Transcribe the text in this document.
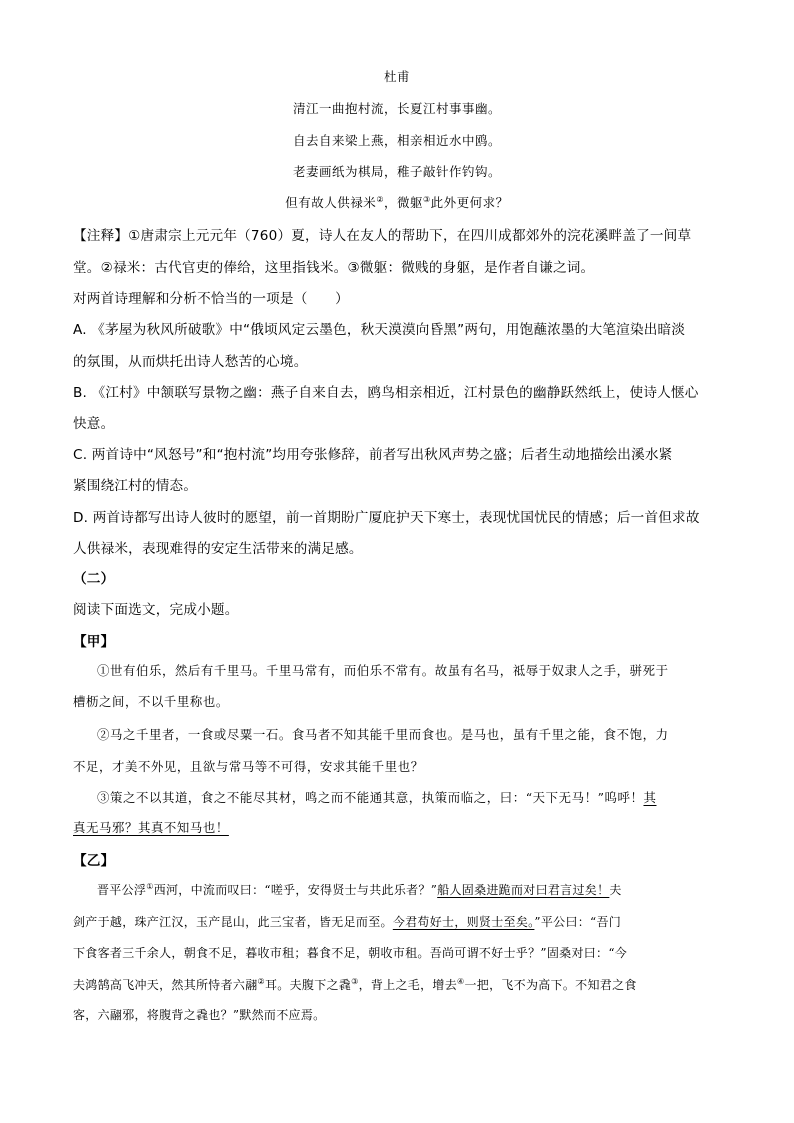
杜甫
清江一曲抱村流，长夏江村事事幽。
自去自来梁上燕，相亲相近水中鸥。
老妻画纸为棋局，稚子敲针作钓钩。
但有故人供禄米②，微躯③此外更何求？
【注释】①唐肃宗上元元年（760）夏，诗人在友人的帮助下，在四川成都郊外的浣花溪畔盖了一间草
堂。②禄米：古代官吏的俸给，这里指钱米。③微躯：微贱的身躯，是作者自谦之词。
对两首诗理解和分析不恰当的一项是（　　）
A. 《茅屋为秋风所破歌》中“俄顷风定云墨色，秋天漠漠向昏黑”两句，用饱蘸浓墨的大笔渲染出暗淡
的氛围，从而烘托出诗人愁苦的心境。
B. 《江村》中颔联写景物之幽：燕子自来自去，鸥鸟相亲相近，江村景色的幽静跃然纸上，使诗人惬心
快意。
C. 两首诗中“风怒号”和“抱村流”均用夸张修辞，前者写出秋风声势之盛；后者生动地描绘出溪水紧
紧围绕江村的情态。
D. 两首诗都写出诗人彼时的愿望，前一首期盼广厦庇护天下寒士，表现忧国忧民的情感；后一首但求故
人供禄米，表现难得的安定生活带来的满足感。
（二）
阅读下面选文，完成小题。
【甲】
①世有伯乐，然后有千里马。千里马常有，而伯乐不常有。故虽有名马，祗辱于奴隶人之手，骈死于
槽枥之间，不以千里称也。
②马之千里者，一食或尽粟一石。食马者不知其能千里而食也。是马也，虽有千里之能，食不饱，力
不足，才美不外见，且欲与常马等不可得，安求其能千里也？
③策之不以其道，食之不能尽其材，鸣之而不能通其意，执策而临之，曰：“天下无马！”呜呼！其
真无马邪？其真不知马也！
【乙】
晋平公浮①西河，中流而叹曰：“嗟乎，安得贤士与共此乐者？”船人固桑进跪而对曰君言过矣！夫
剑产于越，珠产江汉，玉产昆山，此三宝者，皆无足而至。今君苟好士，则贤士至矣。”平公曰：“吾门
下食客者三千余人，朝食不足，暮收市租；暮食不足，朝收市租。吾尚可谓不好士乎？”固桑对曰：“今
夫鸿鹄高飞冲天，然其所恃者六翮②耳。夫腹下之毳③，背上之毛，增去④一把，飞不为高下。不知君之食
客，六翮邪，将腹背之毳也？”默然而不应焉。
